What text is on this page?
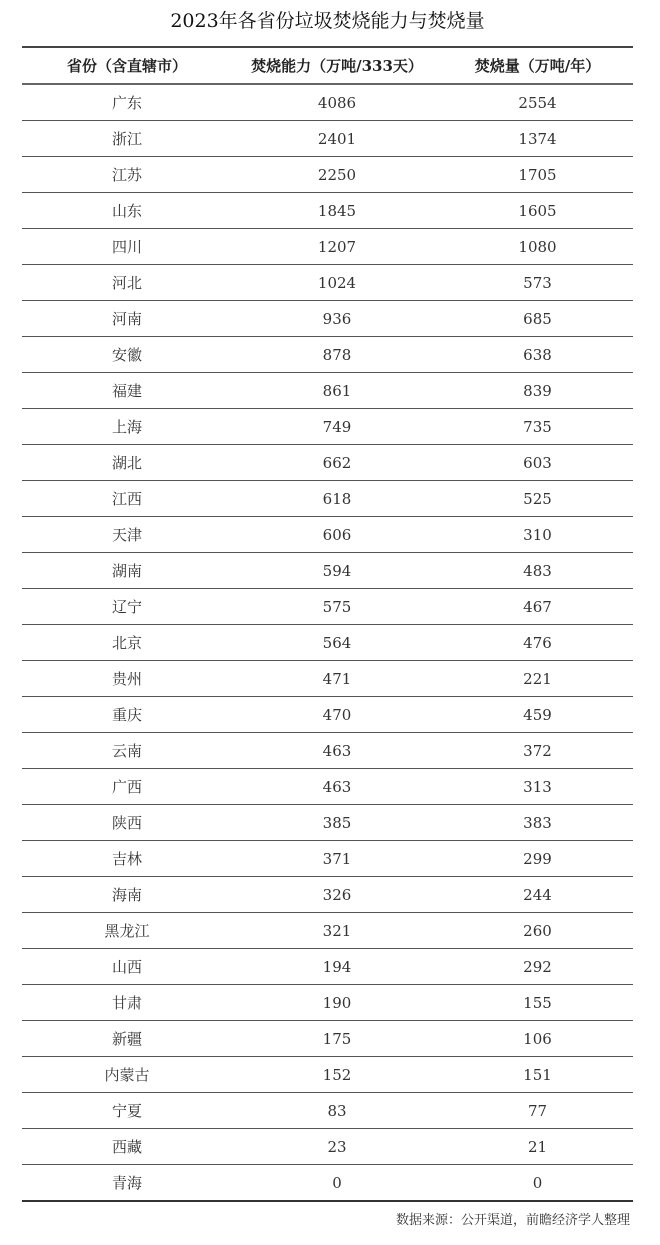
2023年各省份垃圾焚烧能力与焚烧量
省份（含直辖市）	焚烧能力（万吨/333天）	焚烧量（万吨/年）
广东	4086	2554
浙江	2401	1374
江苏	2250	1705
山东	1845	1605
四川	1207	1080
河北	1024	573
河南	936	685
安徽	878	638
福建	861	839
上海	749	735
湖北	662	603
江西	618	525
天津	606	310
湖南	594	483
辽宁	575	467
北京	564	476
贵州	471	221
重庆	470	459
云南	463	372
广西	463	313
陕西	385	383
吉林	371	299
海南	326	244
黑龙江	321	260
山西	194	292
甘肃	190	155
新疆	175	106
内蒙古	152	151
宁夏	83	77
西藏	23	21
青海	0	0
数据来源：公开渠道，前瞻经济学人整理
